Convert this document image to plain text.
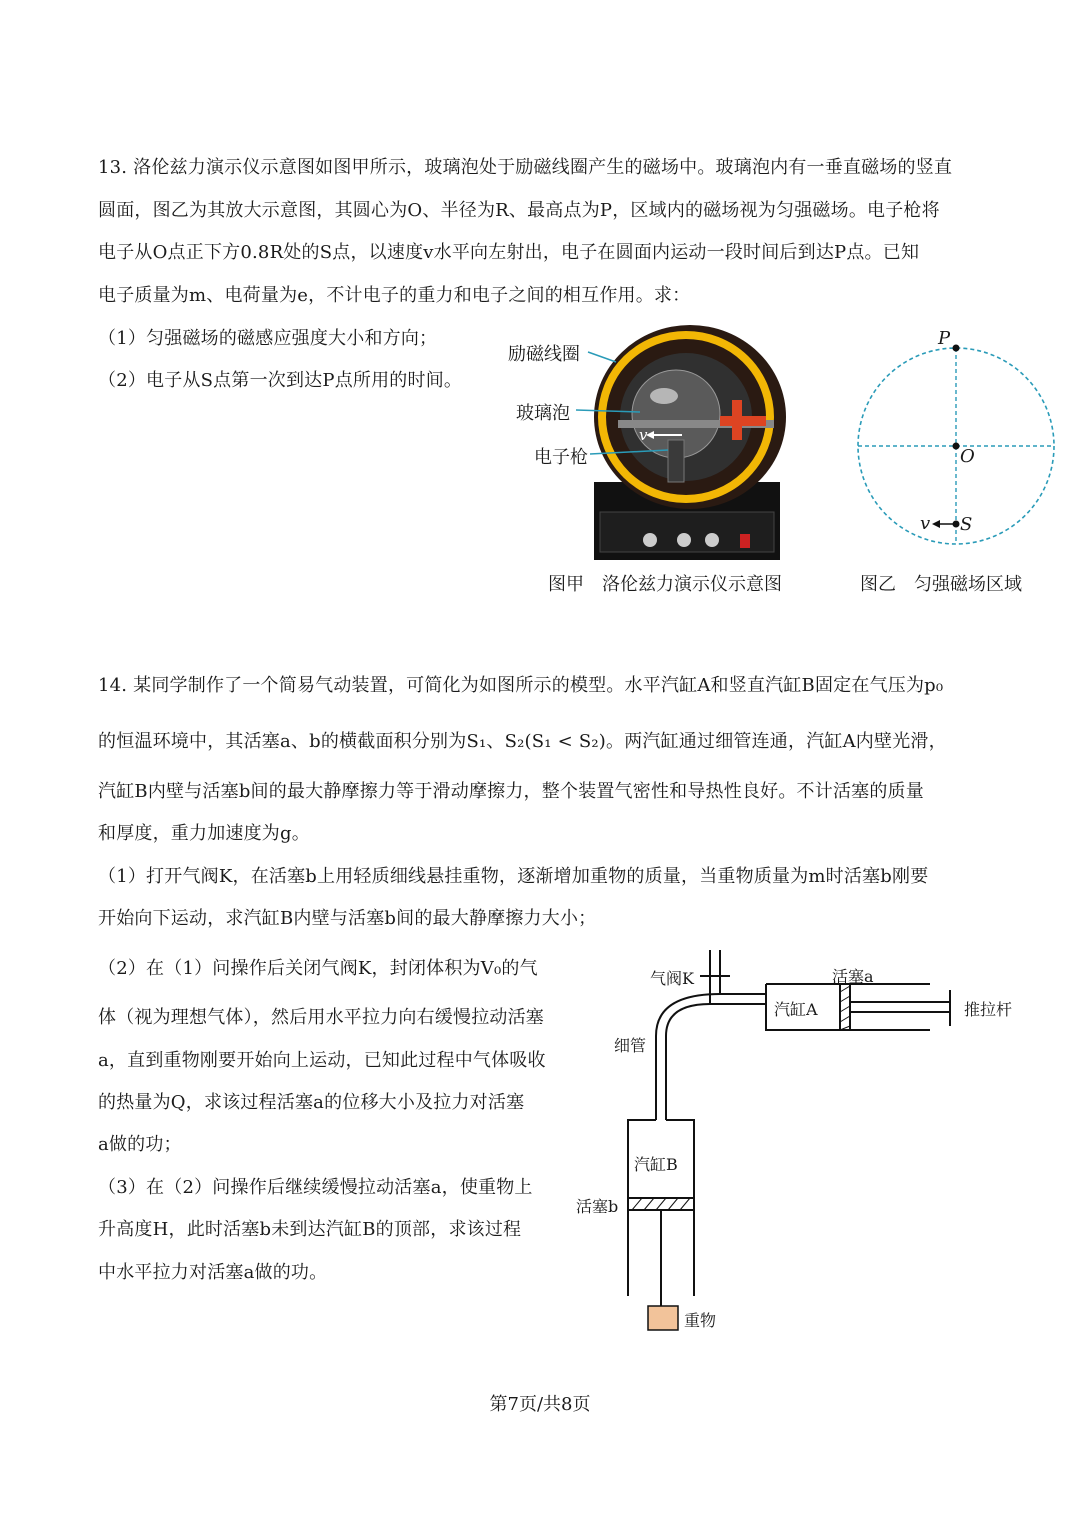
13. 洛伦兹力演示仪示意图如图甲所示，玻璃泡处于励磁线圈产生的磁场中。玻璃泡内有一垂直磁场的竖直
圆面，图乙为其放大示意图，其圆心为O、半径为R、最高点为P，区域内的磁场视为匀强磁场。电子枪将
电子从O点正下方0.8R处的S点，以速度v水平向左射出，电子在圆面内运动一段时间后到达P点。已知
电子质量为m、电荷量为e，不计电子的重力和电子之间的相互作用。求：
（1）匀强磁场的磁感应强度大小和方向；
（2）电子从S点第一次到达P点所用的时间。
励磁线圈
玻璃泡
电子枪
v
图甲　洛伦兹力演示仪示意图
P
O
S
v
图乙　匀强磁场区域
14. 某同学制作了一个简易气动装置，可简化为如图所示的模型。水平汽缸A和竖直汽缸B固定在气压为p₀
的恒温环境中，其活塞a、b的横截面积分别为S₁、S₂(S₁ < S₂)。两汽缸通过细管连通，汽缸A内壁光滑，
汽缸B内壁与活塞b间的最大静摩擦力等于滑动摩擦力，整个装置气密性和导热性良好。不计活塞的质量
和厚度，重力加速度为g。
（1）打开气阀K，在活塞b上用轻质细线悬挂重物，逐渐增加重物的质量，当重物质量为m时活塞b刚要
开始向下运动，求汽缸B内壁与活塞b间的最大静摩擦力大小；
（2）在（1）问操作后关闭气阀K，封闭体积为V₀的气
体（视为理想气体），然后用水平拉力向右缓慢拉动活塞
a，直到重物刚要开始向上运动，已知此过程中气体吸收
的热量为Q，求该过程活塞a的位移大小及拉力对活塞
a做的功；
（3）在（2）问操作后继续缓慢拉动活塞a，使重物上
升高度H，此时活塞b未到达汽缸B的顶部，求该过程
中水平拉力对活塞a做的功。
气阀K	活塞a
汽缸A	推拉杆
细管
汽缸B
活塞b
重物
第7页/共8页
